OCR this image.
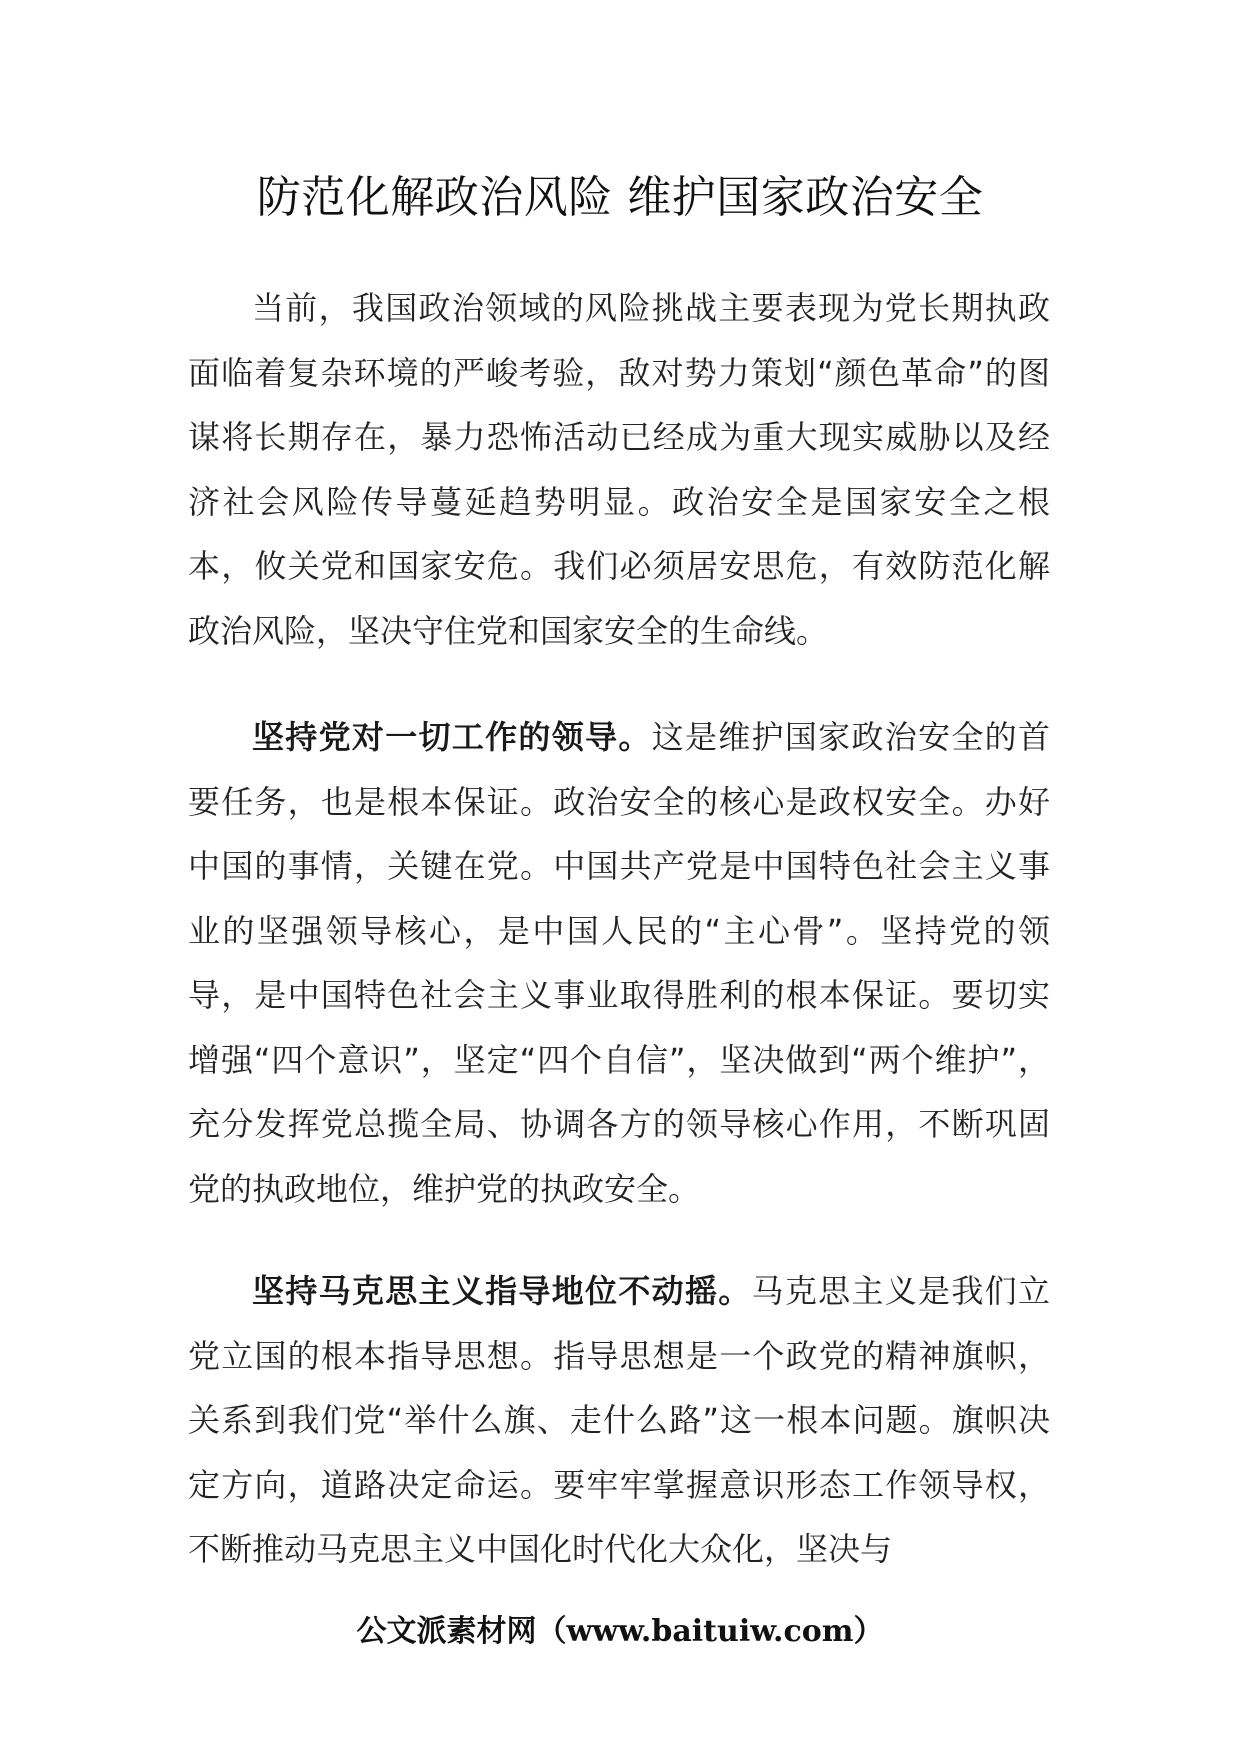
防范化解政治风险 维护国家政治安全

当前，我国政治领域的风险挑战主要表现为党长期执政面临着复杂环境的严峻考验，敌对势力策划“颜色革命”的图谋将长期存在，暴力恐怖活动已经成为重大现实威胁以及经济社会风险传导蔓延趋势明显。政治安全是国家安全之根本，攸关党和国家安危。我们必须居安思危，有效防范化解政治风险，坚决守住党和国家安全的生命线。

坚持党对一切工作的领导。这是维护国家政治安全的首要任务，也是根本保证。政治安全的核心是政权安全。办好中国的事情，关键在党。中国共产党是中国特色社会主义事业的坚强领导核心，是中国人民的“主心骨”。坚持党的领导，是中国特色社会主义事业取得胜利的根本保证。要切实增强“四个意识”，坚定“四个自信”，坚决做到“两个维护”，充分发挥党总揽全局、协调各方的领导核心作用，不断巩固党的执政地位，维护党的执政安全。

坚持马克思主义指导地位不动摇。马克思主义是我们立党立国的根本指导思想。指导思想是一个政党的精神旗帜，关系到我们党“举什么旗、走什么路”这一根本问题。旗帜决定方向，道路决定命运。要牢牢掌握意识形态工作领导权，不断推动马克思主义中国化时代化大众化，坚决与

公文派素材网（www.baituiw.com）
